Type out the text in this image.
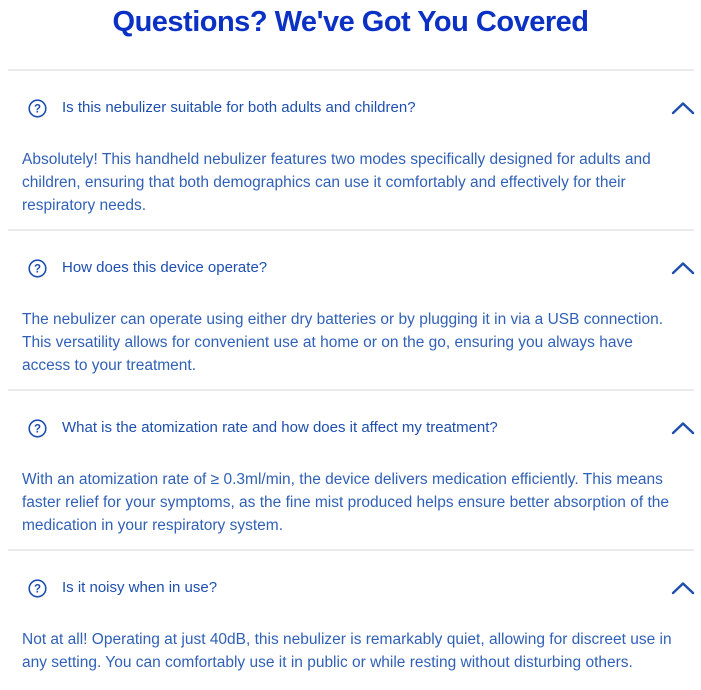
Questions? We've Got You Covered
? Is this nebulizer suitable for both adults and children?

Absolutely! This handheld nebulizer features two modes specifically designed for adults and children, ensuring that both demographics can use it comfortably and effectively for their respiratory needs.

? How does this device operate?

The nebulizer can operate using either dry batteries or by plugging it in via a USB connection. This versatility allows for convenient use at home or on the go, ensuring you always have access to your treatment.

? What is the atomization rate and how does it affect my treatment?

With an atomization rate of ≥ 0.3ml/min, the device delivers medication efficiently. This means faster relief for your symptoms, as the fine mist produced helps ensure better absorption of the medication in your respiratory system.

? Is it noisy when in use?

Not at all! Operating at just 40dB, this nebulizer is remarkably quiet, allowing for discreet use in any setting. You can comfortably use it in public or while resting without disturbing others.
